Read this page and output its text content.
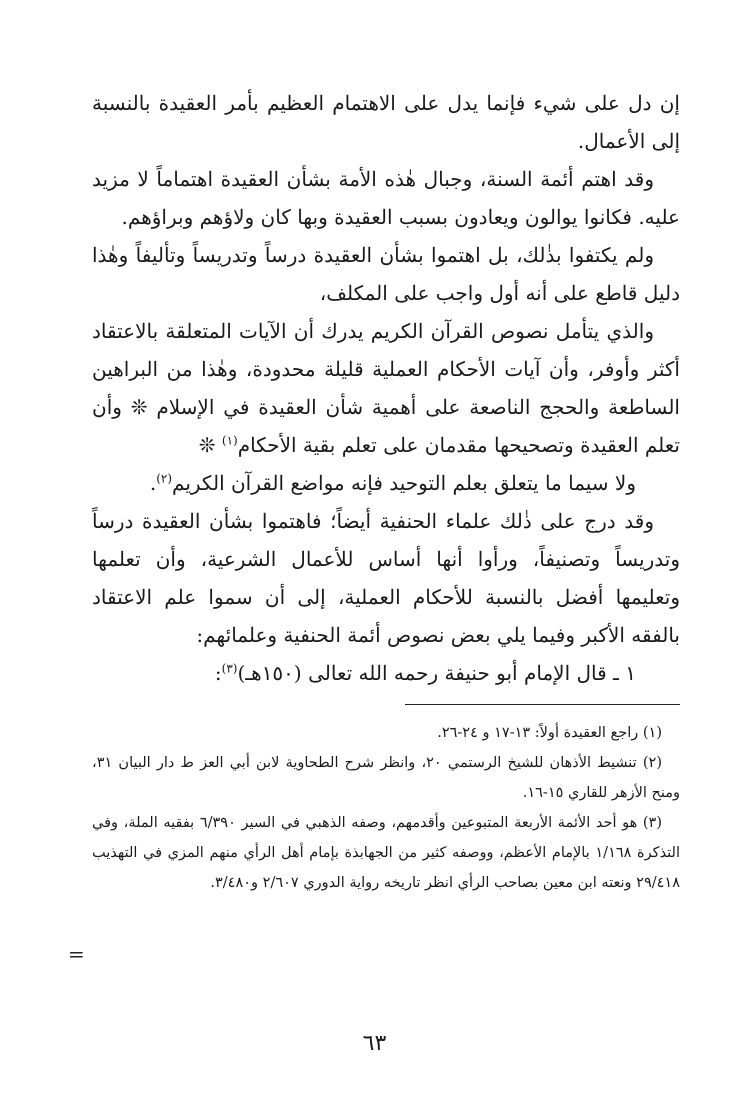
إن دل على شيء فإنما يدل على الاهتمام العظيم بأمر العقيدة بالنسبة إلى الأعمال.

وقد اهتم أئمة السنة، وجبال هٰذه الأمة بشأن العقيدة اهتماماً لا مزيد عليه. فكانوا يوالون ويعادون بسبب العقيدة وبها كان ولاؤهم وبراؤهم.

ولم يكتفوا بذٰلك، بل اهتموا بشأن العقيدة درساً وتدريساً وتأليفاً وهٰذا دليل قاطع على أنه أول واجب على المكلف،

والذي يتأمل نصوص القرآن الكريم يدرك أن الآيات المتعلقة بالاعتقاد أكثر وأوفر، وأن آيات الأحكام العملية قليلة محدودة، وهٰذا من البراهين الساطعة والحجج الناصعة على أهمية شأن العقيدة في الإسلام ❊ وأن تعلم العقيدة وتصحيحها مقدمان على تعلم بقية الأحكام$^{(١)}$ ❊

ولا سيما ما يتعلق بعلم التوحيد فإنه مواضع القرآن الكريم$^{(٢)}$.

وقد درج على ذٰلك علماء الحنفية أيضاً؛ فاهتموا بشأن العقيدة درساً وتدريساً وتصنيفاً، ورأوا أنها أساس للأعمال الشرعية، وأن تعلمها وتعليمها أفضل بالنسبة للأحكام العملية، إلى أن سموا علم الاعتقاد بالفقه الأكبر وفيما يلي بعض نصوص أئمة الحنفية وعلمائهم:

١ ـ قال الإمام أبو حنيفة رحمه الله تعالى (١٥٠هـ)$^{(٣)}$:

(١) راجع العقيدة أولاً: ١٣-١٧ و ٢٤-٢٦.

(٢) تنشيط الأذهان للشيخ الرستمي ٢٠، وانظر شرح الطحاوية لابن أبي العز ط دار البيان ٣١، ومنح الأزهر للقاري ١٥-١٦.

(٣) هو أحد الأئمة الأربعة المتبوعين وأقدمهم، وصفه الذهبي في السير ٦/٣٩٠ بفقيه الملة، وفي التذكرة ١/١٦٨ بالإمام الأعظم، ووصفه كثير من الجهابذة بإمام أهل الرأي منهم المزي في التهذيب ٢٩/٤١٨ ونعته ابن معين بصاحب الرأي انظر تاريخه رواية الدوري ٢/٦٠٧ و٣/٤٨٠.

=
٦٣
